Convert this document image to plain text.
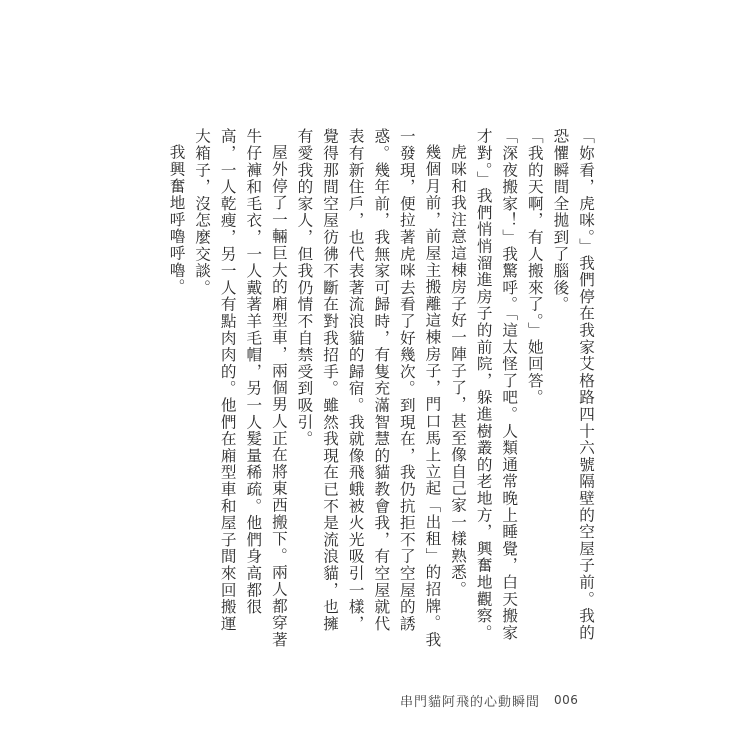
「妳看，虎咪。」我們停在我家艾格路四十六號隔壁的空屋子前。我的恐懼瞬間全拋到了腦後。

「我的天啊，有人搬來了。」她回答。

「深夜搬家！」我驚呼。「這太怪了吧。人類通常晚上睡覺，白天搬家才對。」我們悄悄溜進房子的前院，躲進樹叢的老地方，興奮地觀察。

虎咪和我注意這棟房子好一陣子了，甚至像自己家一樣熟悉。

幾個月前，前屋主搬離這棟房子，門口馬上立起「出租」的招牌。我一發現，便拉著虎咪去看了好幾次。到現在，我仍抗拒不了空屋的誘惑。幾年前，我無家可歸時，有隻充滿智慧的貓教會我，有空屋就代表有新住戶，也代表著流浪貓的歸宿。我就像飛蛾被火光吸引一樣，覺得那間空屋彷彿不斷在對我招手。雖然我現在已不是流浪貓，也擁有愛我的家人，但我仍情不自禁受到吸引。

屋外停了一輛巨大的廂型車，兩個男人正在將東西搬下。兩人都穿著牛仔褲和毛衣，一人戴著羊毛帽，另一人髮量稀疏。他們身高都很高，一人乾瘦，另一人有點肉肉的。他們在廂型車和屋子間來回搬運大箱子，沒怎麼交談。

我興奮地呼嚕呼嚕。

串門貓阿飛的心動瞬間 006
